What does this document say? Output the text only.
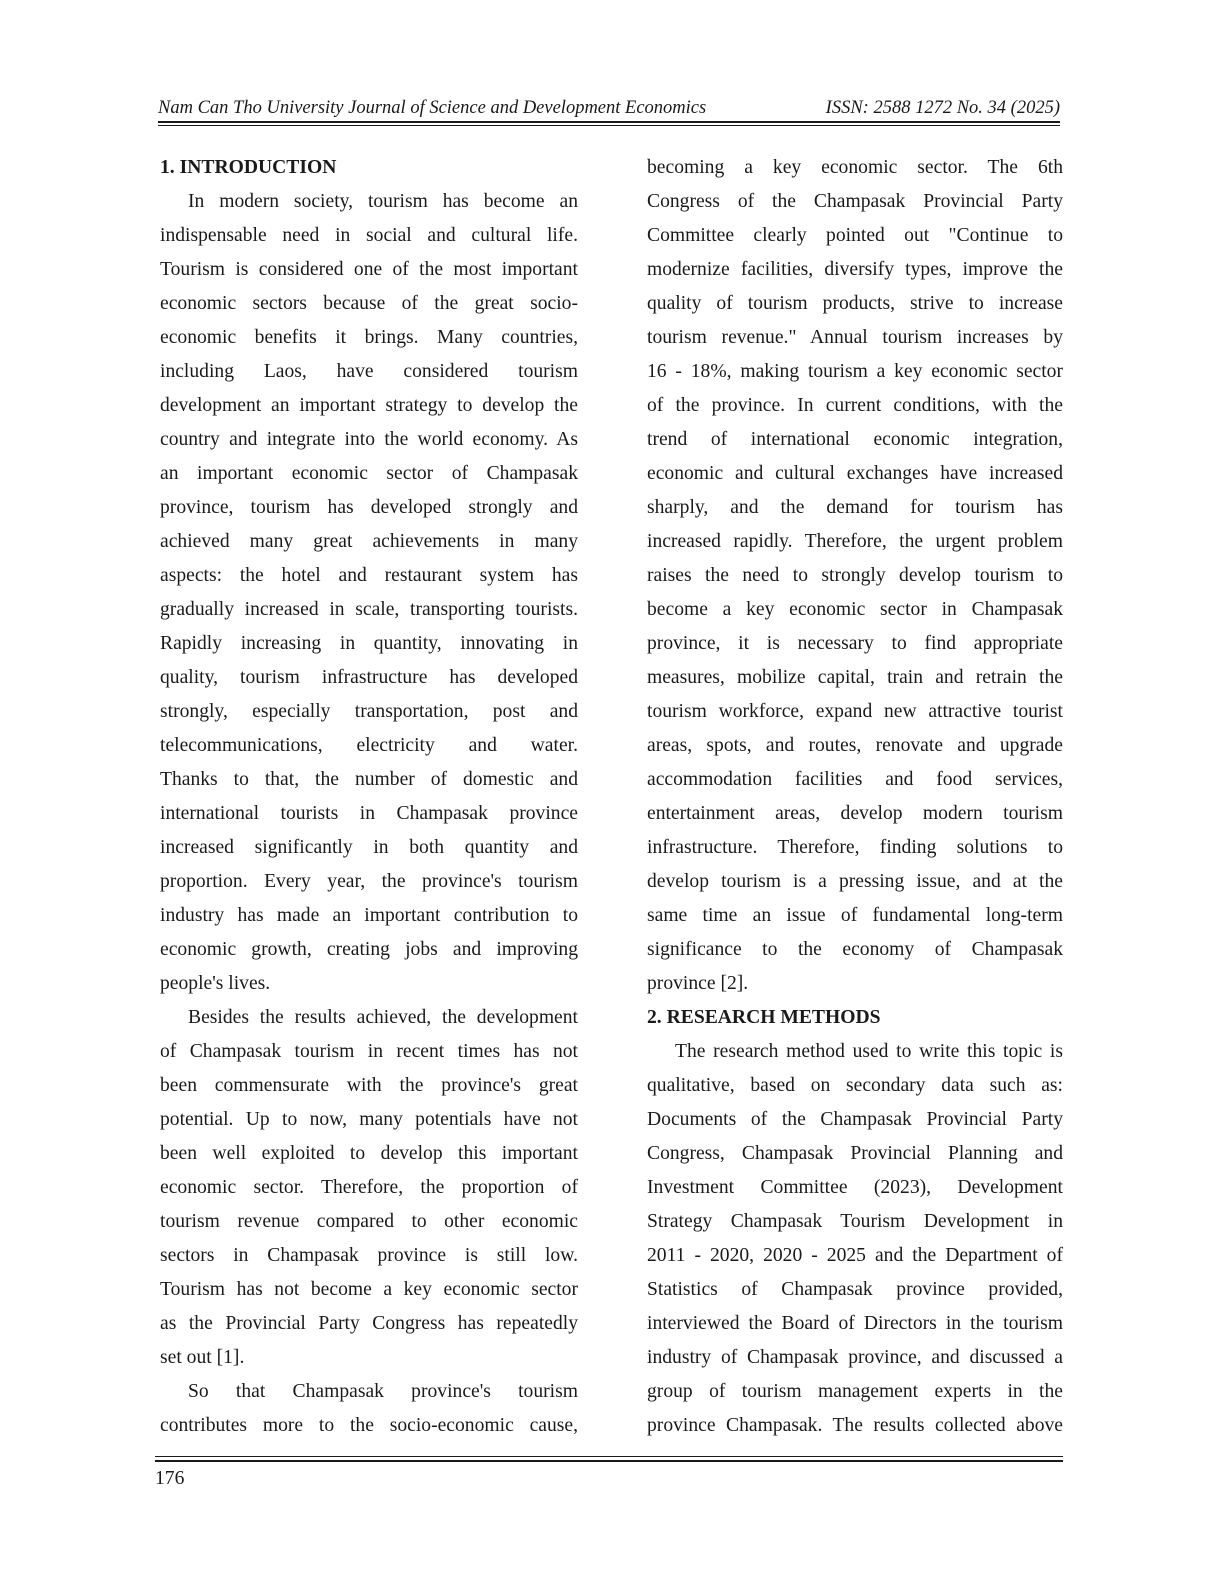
Nam Can Tho University Journal of Science and Development Economics	ISSN: 2588 1272 No. 34 (2025)
1. INTRODUCTION
In modern society, tourism has become an
indispensable need in social and cultural life.
Tourism is considered one of the most important
economic sectors because of the great socio-
economic benefits it brings. Many countries,
including Laos, have considered tourism
development an important strategy to develop the
country and integrate into the world economy. As
an important economic sector of Champasak
province, tourism has developed strongly and
achieved many great achievements in many
aspects: the hotel and restaurant system has
gradually increased in scale, transporting tourists.
Rapidly increasing in quantity, innovating in
quality, tourism infrastructure has developed
strongly, especially transportation, post and
telecommunications, electricity and water.
Thanks to that, the number of domestic and
international tourists in Champasak province
increased significantly in both quantity and
proportion. Every year, the province's tourism
industry has made an important contribution to
economic growth, creating jobs and improving
people's lives.
Besides the results achieved, the development
of Champasak tourism in recent times has not
been commensurate with the province's great
potential. Up to now, many potentials have not
been well exploited to develop this important
economic sector. Therefore, the proportion of
tourism revenue compared to other economic
sectors in Champasak province is still low.
Tourism has not become a key economic sector
as the Provincial Party Congress has repeatedly
set out [1].
So that Champasak province's tourism
contributes more to the socio-economic cause,
becoming a key economic sector. The 6th
Congress of the Champasak Provincial Party
Committee clearly pointed out "Continue to
modernize facilities, diversify types, improve the
quality of tourism products, strive to increase
tourism revenue." Annual tourism increases by
16 - 18%, making tourism a key economic sector
of the province. In current conditions, with the
trend of international economic integration,
economic and cultural exchanges have increased
sharply, and the demand for tourism has
increased rapidly. Therefore, the urgent problem
raises the need to strongly develop tourism to
become a key economic sector in Champasak
province, it is necessary to find appropriate
measures, mobilize capital, train and retrain the
tourism workforce, expand new attractive tourist
areas, spots, and routes, renovate and upgrade
accommodation facilities and food services,
entertainment areas, develop modern tourism
infrastructure. Therefore, finding solutions to
develop tourism is a pressing issue, and at the
same time an issue of fundamental long-term
significance to the economy of Champasak
province [2].
2. RESEARCH METHODS
The research method used to write this topic is
qualitative, based on secondary data such as:
Documents of the Champasak Provincial Party
Congress, Champasak Provincial Planning and
Investment Committee (2023), Development
Strategy Champasak Tourism Development in
2011 - 2020, 2020 - 2025 and the Department of
Statistics of Champasak province provided,
interviewed the Board of Directors in the tourism
industry of Champasak province, and discussed a
group of tourism management experts in the
province Champasak. The results collected above
176
